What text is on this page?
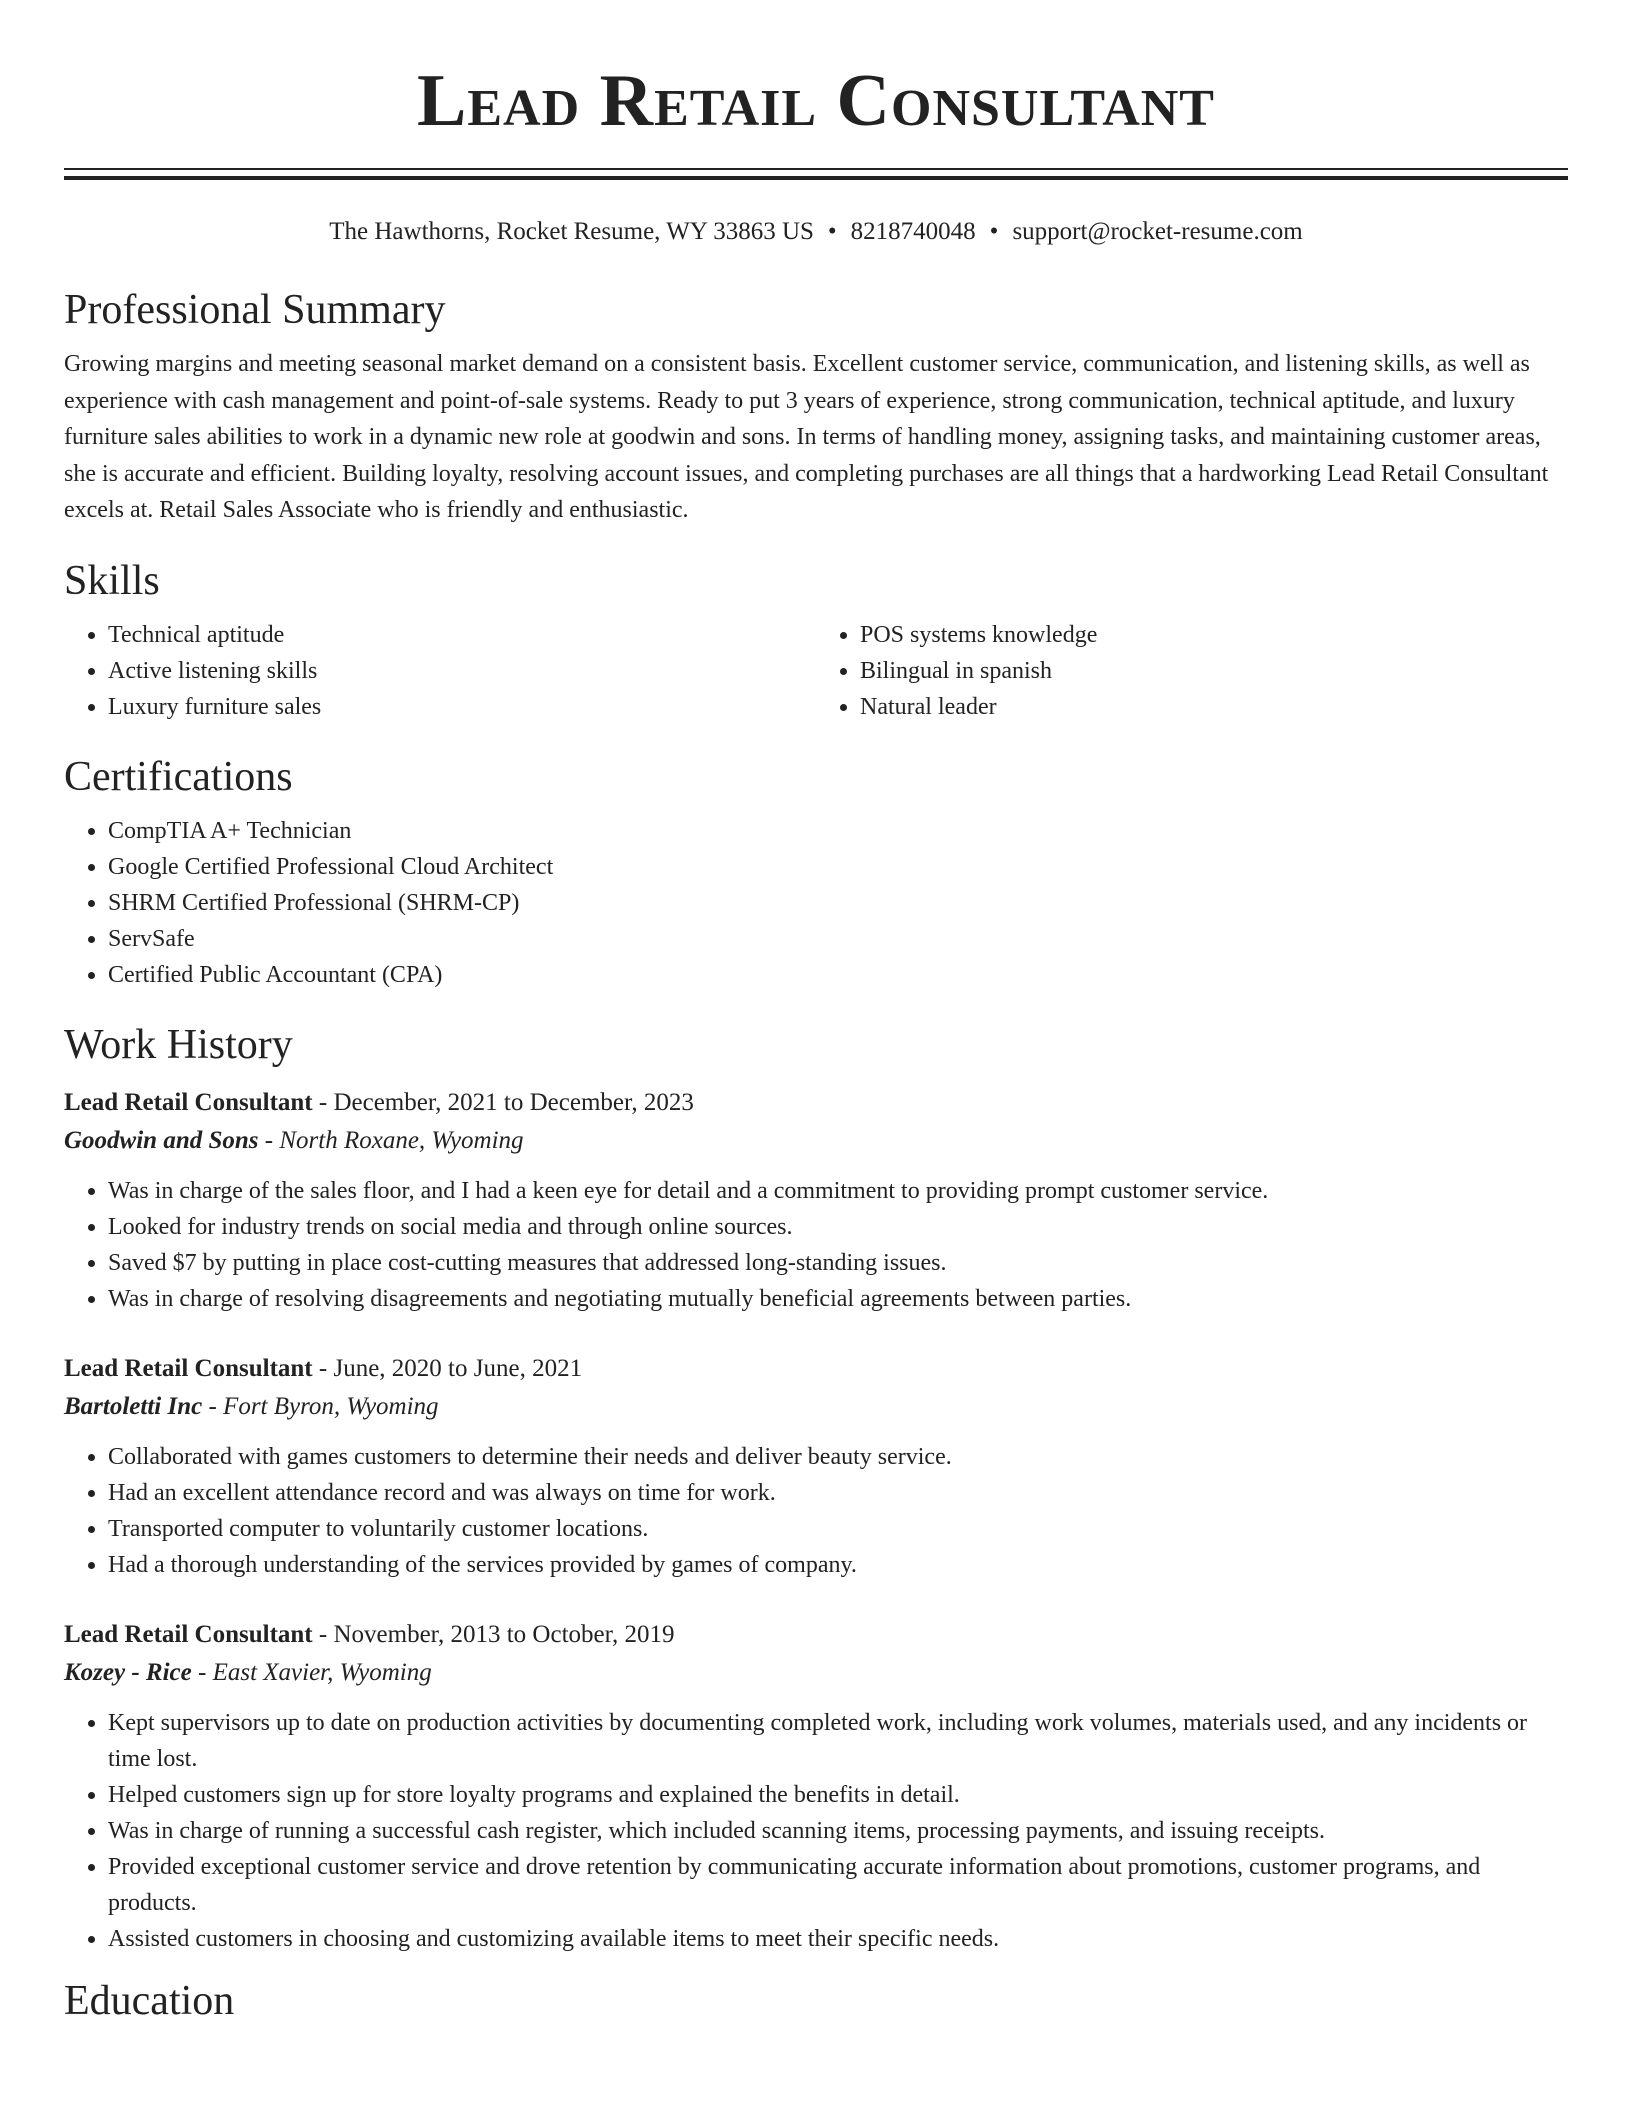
Lead Retail Consultant
The Hawthorns, Rocket Resume, WY 33863 US • 8218740048 • support@rocket-resume.com
Professional Summary

Growing margins and meeting seasonal market demand on a consistent basis. Excellent customer service, communication, and listening skills, as well as experience with cash management and point-of-sale systems. Ready to put 3 years of experience, strong communication, technical aptitude, and luxury furniture sales abilities to work in a dynamic new role at goodwin and sons. In terms of handling money, assigning tasks, and maintaining customer areas, she is accurate and efficient. Building loyalty, resolving account issues, and completing purchases are all things that a hardworking Lead Retail Consultant excels at. Retail Sales Associate who is friendly and enthusiastic.

Skills
• Technical aptitude
• Active listening skills
• Luxury furniture sales
• POS systems knowledge
• Bilingual in spanish
• Natural leader
Certifications
• CompTIA A+ Technician
• Google Certified Professional Cloud Architect
• SHRM Certified Professional (SHRM-CP)
• ServSafe
• Certified Public Accountant (CPA)
Work History
Lead Retail Consultant - December, 2021 to December, 2023
Goodwin and Sons - North Roxane, Wyoming
• Was in charge of the sales floor, and I had a keen eye for detail and a commitment to providing prompt customer service.
• Looked for industry trends on social media and through online sources.
• Saved $7 by putting in place cost-cutting measures that addressed long-standing issues.
• Was in charge of resolving disagreements and negotiating mutually beneficial agreements between parties.
Lead Retail Consultant - June, 2020 to June, 2021
Bartoletti Inc - Fort Byron, Wyoming
• Collaborated with games customers to determine their needs and deliver beauty service.
• Had an excellent attendance record and was always on time for work.
• Transported computer to voluntarily customer locations.
• Had a thorough understanding of the services provided by games of company.
Lead Retail Consultant - November, 2013 to October, 2019
Kozey - Rice - East Xavier, Wyoming
• Kept supervisors up to date on production activities by documenting completed work, including work volumes, materials used, and any incidents or time lost.
• Helped customers sign up for store loyalty programs and explained the benefits in detail.
• Was in charge of running a successful cash register, which included scanning items, processing payments, and issuing receipts.
• Provided exceptional customer service and drove retention by communicating accurate information about promotions, customer programs, and products.
• Assisted customers in choosing and customizing available items to meet their specific needs.
Education
